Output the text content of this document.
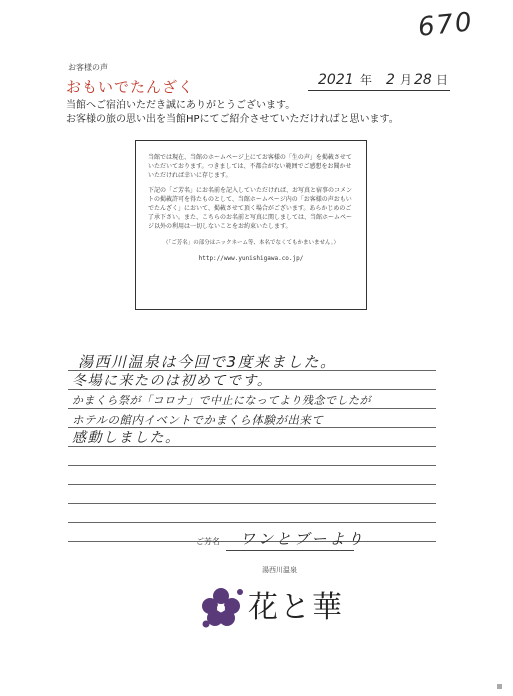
670
お客様の声
おもいでたんざく	2021 年 2 月 28 日
当館へご宿泊いただき誠にありがとうございます。
お客様の旅の思い出を当館HPにてご紹介させていただければと思います。

当館では現在、当館のホームページ上にてお客様の「生の声」を掲載させていただいております。つきましては、不都合がない範囲でご感想をお聞かせいただければ幸いに存じます。

下記の「ご芳名」にお名前を記入していただければ、お写真と宿事のコメントの掲載許可を得たものとして、当館ホームページ内の「お客様の声おもいでたんざく」において、掲載させて頂く場合がございます。あらかじめのご了承下さい。また、こちらのお名前と写真に関しましては、当館ホームページ以外の利用は一切しないことをお約束いたします。

（「ご芳名」の部分はニックネーム等、本名でなくてもかまいません。）
http://www.yunishigawa.co.jp/
湯西川温泉は今回で3度来ました。
冬場に来たのは初めてです。
かまくら祭が「コロナ」で中止になってより残念でしたが
ホテルの館内イベントでかまくら体験が出来て
感動しました。
ご芳名 ワンとブーより
湯西川温泉
花と華
